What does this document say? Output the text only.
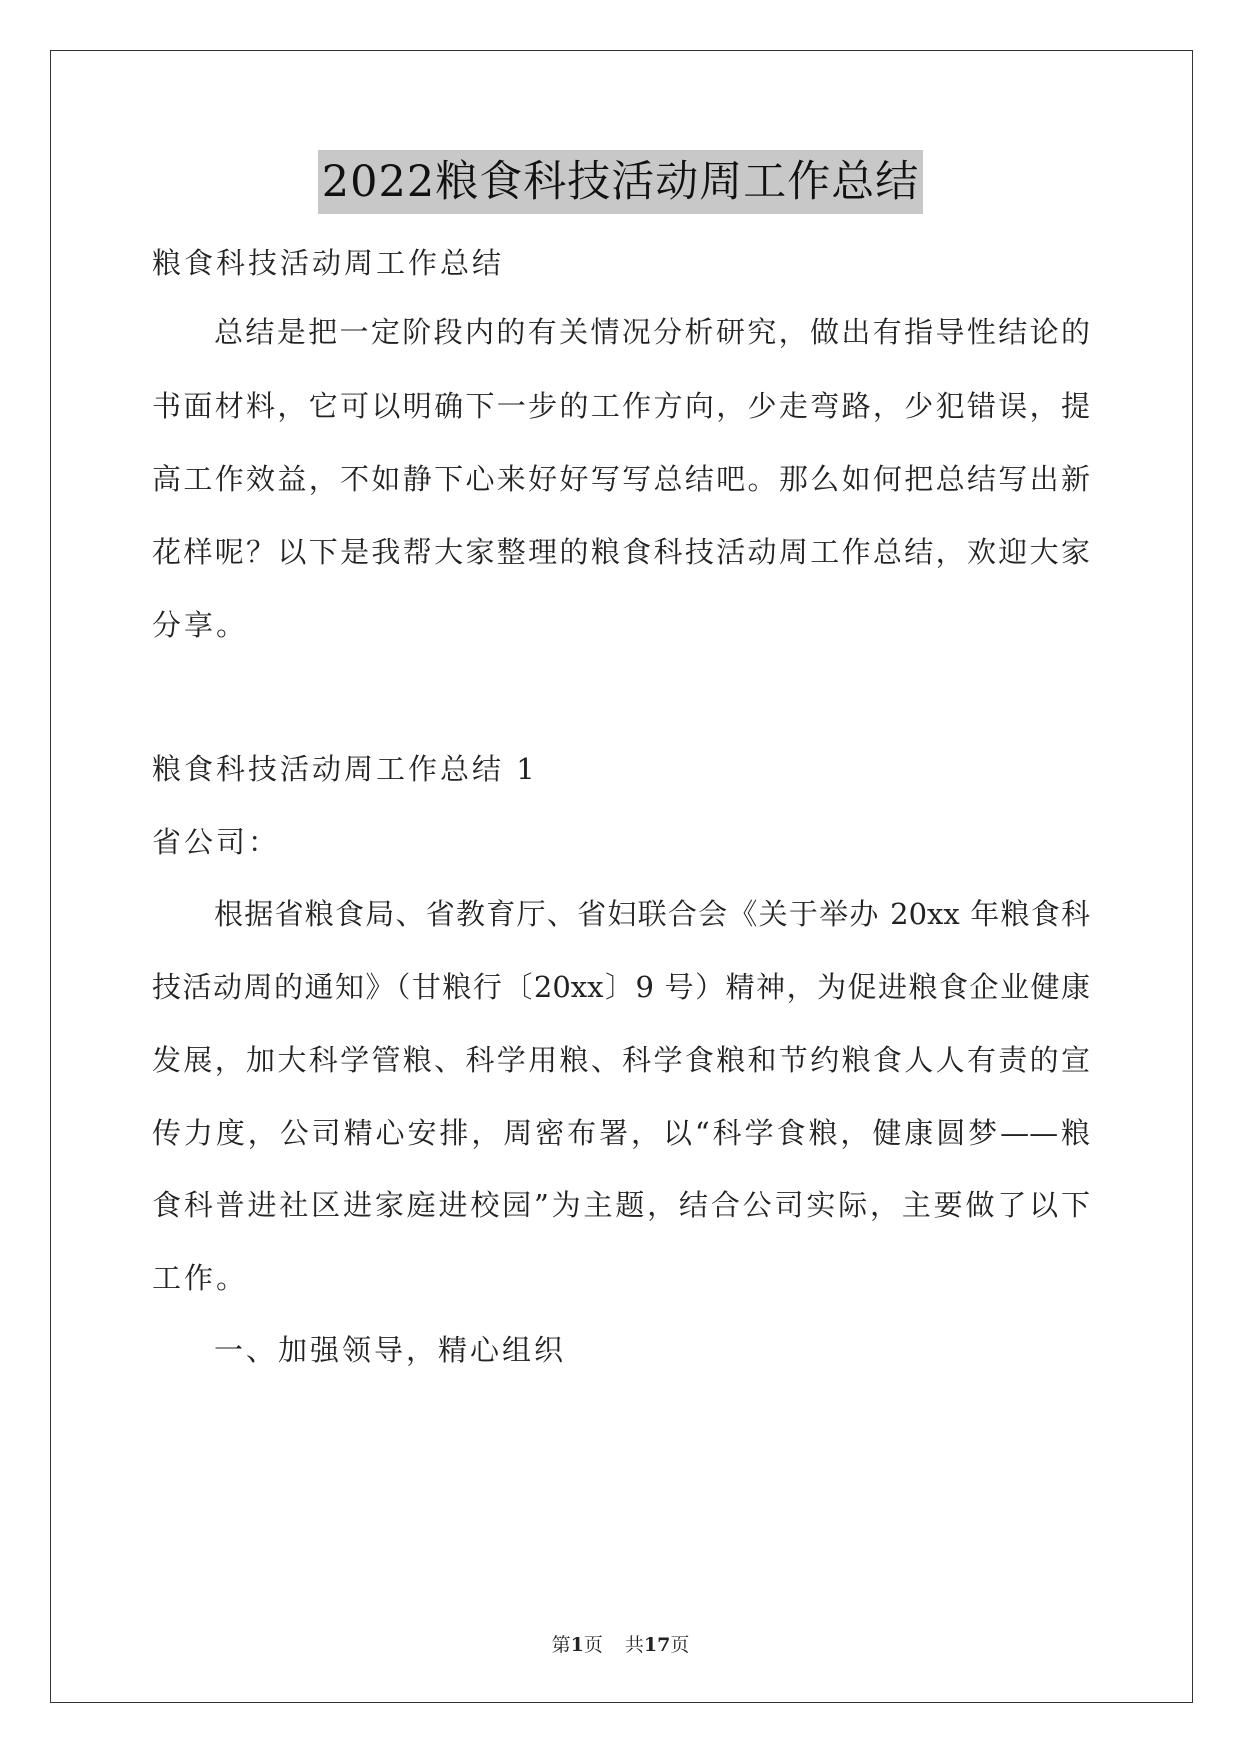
2022粮食科技活动周工作总结
粮食科技活动周工作总结
总结是把一定阶段内的有关情况分析研究，做出有指导性结论的
书面材料，它可以明确下一步的工作方向，少走弯路，少犯错误，提
高工作效益，不如静下心来好好写写总结吧。那么如何把总结写出新
花样呢？以下是我帮大家整理的粮食科技活动周工作总结，欢迎大家
分享。
粮食科技活动周工作总结 1
省公司：
根据省粮食局、省教育厅、省妇联合会《关于举办 20xx 年粮食科
技活动周的通知》（甘粮行〔20xx〕9 号）精神，为促进粮食企业健康
发展，加大科学管粮、科学用粮、科学食粮和节约粮食人人有责的宣
传力度，公司精心安排，周密布署，以“科学食粮，健康圆梦——粮
食科普进社区进家庭进校园”为主题，结合公司实际，主要做了以下
工作。
一、加强领导，精心组织
第1页 共17页
